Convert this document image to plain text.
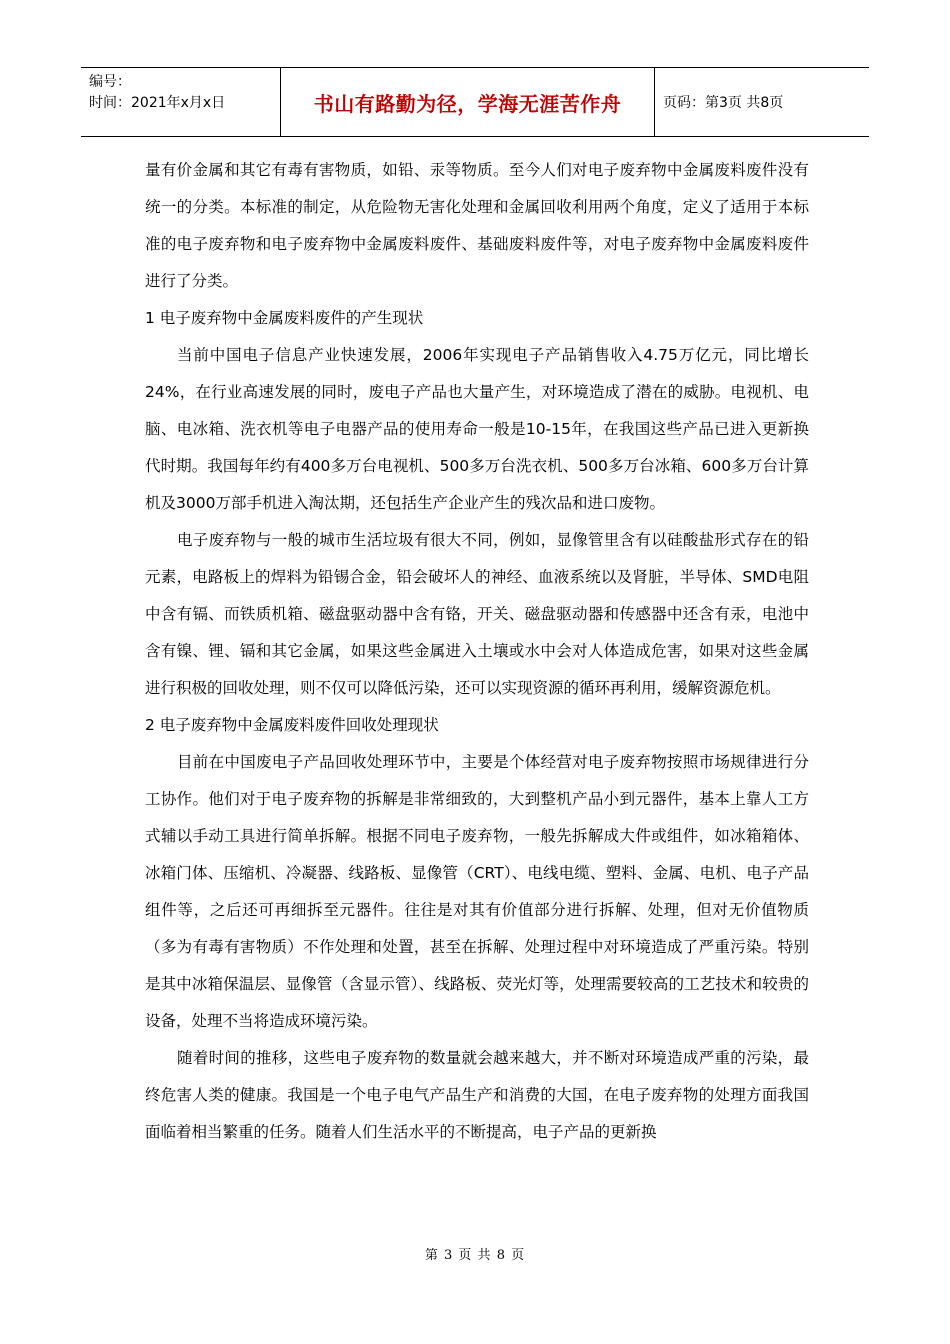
编号：
时间：2021年x月x日	书山有路勤为径，学海无涯苦作舟	页码：第3页 共8页

量有价金属和其它有毒有害物质，如铅、汞等物质。至今人们对电子废弃物中金属废料废件没有统一的分类。本标准的制定，从危险物无害化处理和金属回收利用两个角度，定义了适用于本标准的电子废弃物和电子废弃物中金属废料废件、基础废料废件等，对电子废弃物中金属废料废件进行了分类。

1 电子废弃物中金属废料废件的产生现状

当前中国电子信息产业快速发展，2006年实现电子产品销售收入4.75万亿元，同比增长24%，在行业高速发展的同时，废电子产品也大量产生，对环境造成了潜在的威胁。电视机、电脑、电冰箱、洗衣机等电子电器产品的使用寿命一般是10-15年，在我国这些产品已进入更新换代时期。我国每年约有400多万台电视机、500多万台洗衣机、500多万台冰箱、600多万台计算机及3000万部手机进入淘汰期，还包括生产企业产生的残次品和进口废物。

电子废弃物与一般的城市生活垃圾有很大不同，例如，显像管里含有以硅酸盐形式存在的铅元素，电路板上的焊料为铅锡合金，铅会破坏人的神经、血液系统以及肾脏，半导体、SMD电阻中含有镉、而铁质机箱、磁盘驱动器中含有铬，开关、磁盘驱动器和传感器中还含有汞，电池中含有镍、锂、镉和其它金属，如果这些金属进入土壤或水中会对人体造成危害，如果对这些金属进行积极的回收处理，则不仅可以降低污染，还可以实现资源的循环再利用，缓解资源危机。

2 电子废弃物中金属废料废件回收处理现状

目前在中国废电子产品回收处理环节中，主要是个体经营对电子废弃物按照市场规律进行分工协作。他们对于电子废弃物的拆解是非常细致的，大到整机产品小到元器件，基本上靠人工方式辅以手动工具进行简单拆解。根据不同电子废弃物，一般先拆解成大件或组件，如冰箱箱体、冰箱门体、压缩机、冷凝器、线路板、显像管（CRT）、电线电缆、塑料、金属、电机、电子产品组件等，之后还可再细拆至元器件。往往是对其有价值部分进行拆解、处理，但对无价值物质（多为有毒有害物质）不作处理和处置，甚至在拆解、处理过程中对环境造成了严重污染。特别是其中冰箱保温层、显像管（含显示管）、线路板、荧光灯等，处理需要较高的工艺技术和较贵的设备，处理不当将造成环境污染。

随着时间的推移，这些电子废弃物的数量就会越来越大，并不断对环境造成严重的污染，最终危害人类的健康。我国是一个电子电气产品生产和消费的大国，在电子废弃物的处理方面我国面临着相当繁重的任务。随着人们生活水平的不断提高，电子产品的更新换

第 3 页 共 8 页
